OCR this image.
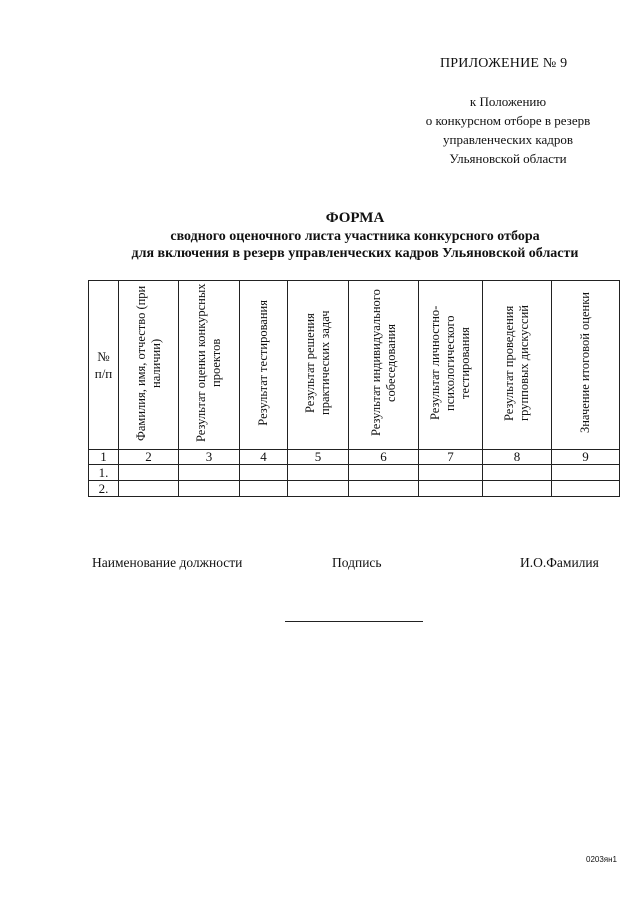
ПРИЛОЖЕНИЕ № 9
к Положению
о конкурсном отборе в резерв
управленческих кадров
Ульяновской области
ФОРМА
сводного оценочного листа участника конкурсного отбора
для включения в резерв управленческих кадров Ульяновской области
№
п/п	Фамилия, имя, отчество (при наличии)	Результат оценки конкурсных проектов	Результат тестирования	Результат решения практических задач	Результат индивидуального собеседования	Результат личностно-психологического тестирования	Результат проведения групповых дискуссий	Значение итоговой оценки
1	2	3	4	5	6	7	8	9
1.								
2.								
Наименование должности	Подпись	И.О.Фамилия
0203ян1
